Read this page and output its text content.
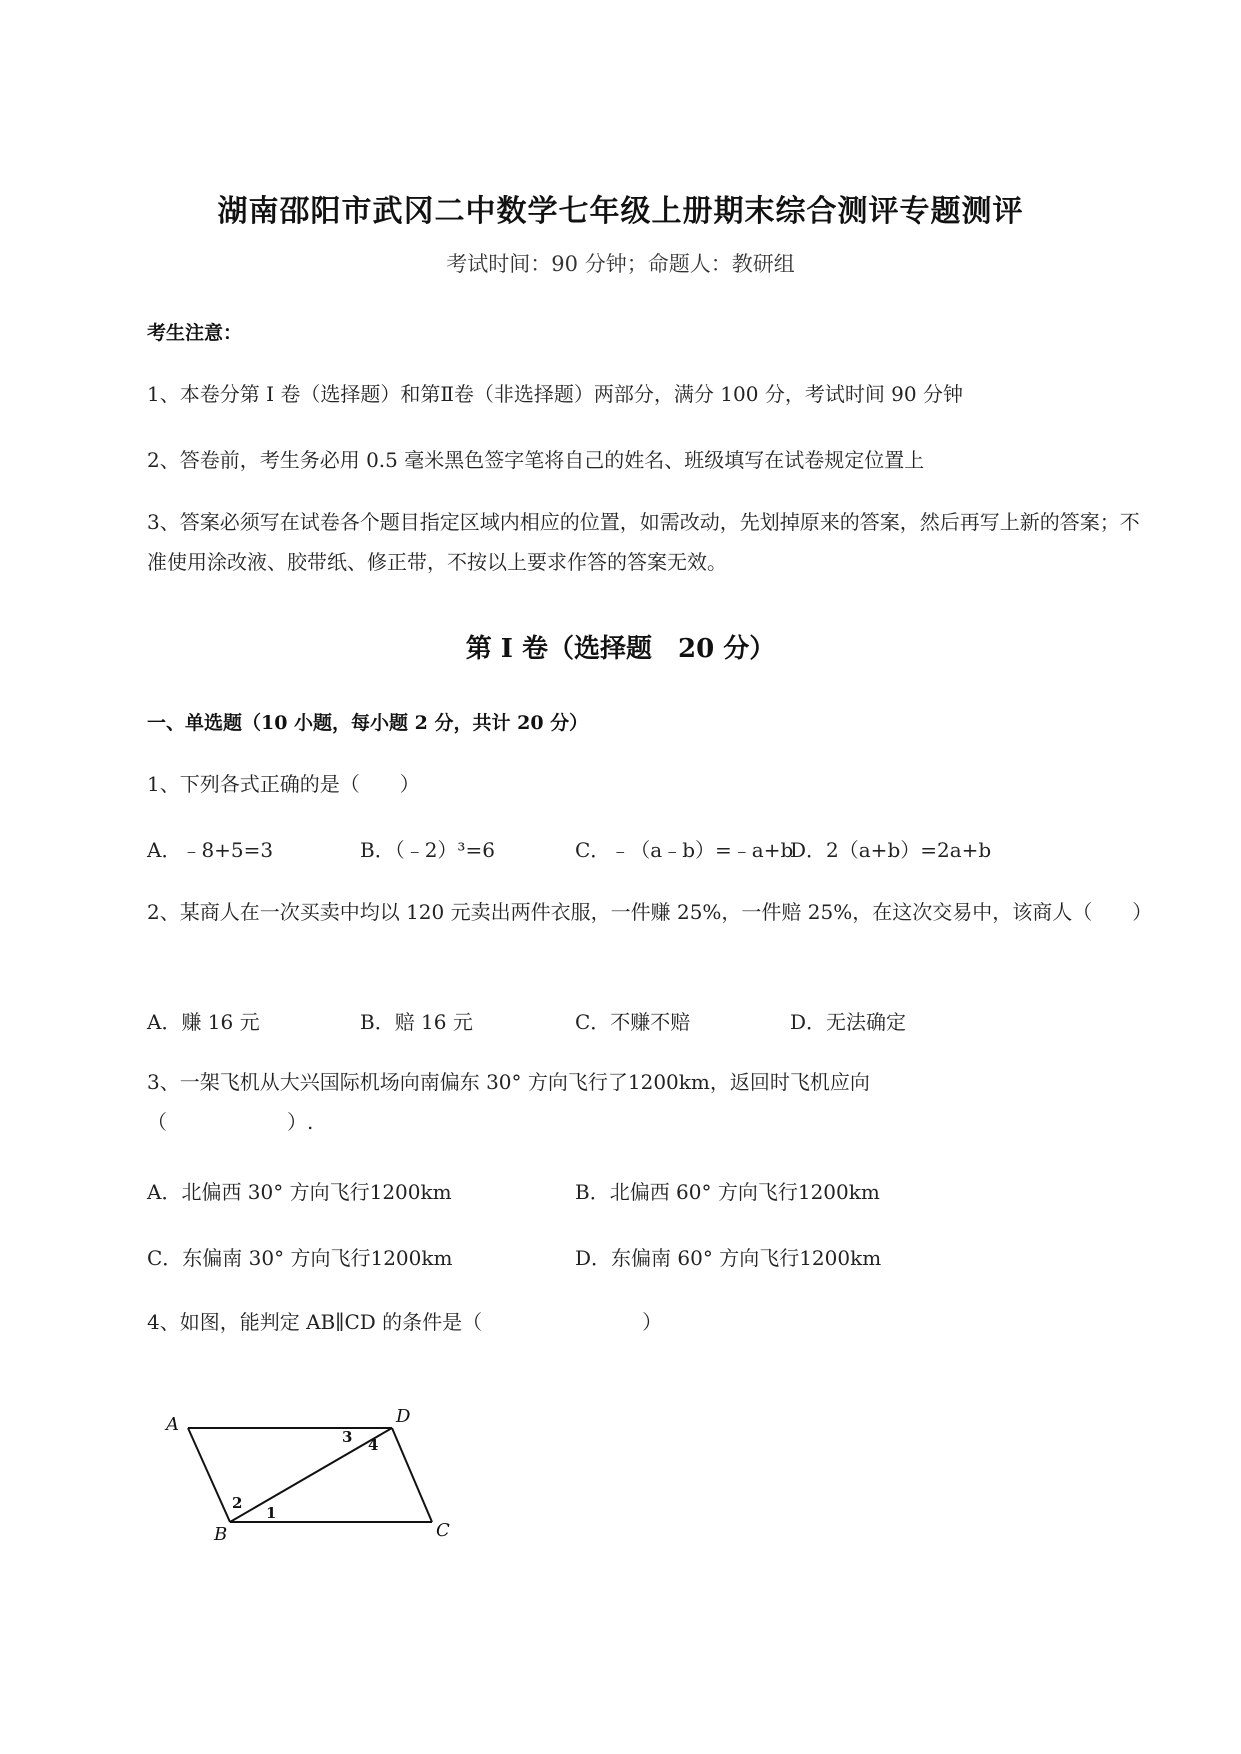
湖南邵阳市武冈二中数学七年级上册期末综合测评专题测评
考试时间：90 分钟；命题人：教研组
考生注意：
1、本卷分第 I 卷（选择题）和第Ⅱ卷（非选择题）两部分，满分 100 分，考试时间 90 分钟
2、答卷前，考生务必用 0.5 毫米黑色签字笔将自己的姓名、班级填写在试卷规定位置上
3、答案必须写在试卷各个题目指定区域内相应的位置，如需改动，先划掉原来的答案，然后再写上新的答案；不准使用涂改液、胶带纸、修正带，不按以上要求作答的答案无效。
第 I 卷（选择题　20 分）
一、单选题（10 小题，每小题 2 分，共计 20 分）
1、下列各式正确的是（　　）
A．﹣8+5=3	B．（﹣2）³=6	C．﹣（a﹣b）=﹣a+b
D．2（a+b）=2a+b
2、某商人在一次买卖中均以 120 元卖出两件衣服，一件赚 25%，一件赔 25%，在这次交易中，该商人（　　）
A．赚 16 元	B．赔 16 元	C．不赚不赔	D．无法确定
3、一架飞机从大兴国际机场向南偏东 30° 方向飞行了1200km，返回时飞机应向（　　　　　　）.
A．北偏西 30° 方向飞行1200km	B．北偏西 60° 方向飞行1200km
C．东偏南 30° 方向飞行1200km	D．东偏南 60° 方向飞行1200km
4、如图，能判定 AB∥CD 的条件是（　　　　　　　　）
A	D
B	C
1
2
3 4
